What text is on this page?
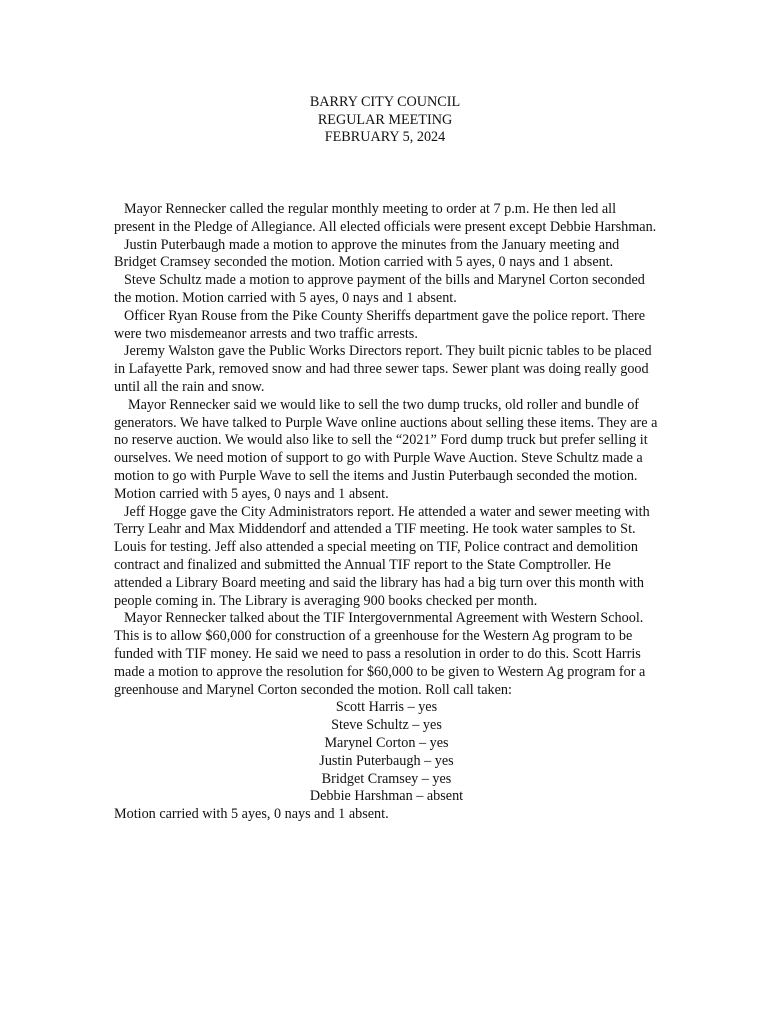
BARRY CITY COUNCIL
REGULAR MEETING
FEBRUARY 5, 2024

Mayor Rennecker called the regular monthly meeting to order at 7 p.m. He then led all present in the Pledge of Allegiance. All elected officials were present except Debbie Harshman.

Justin Puterbaugh made a motion to approve the minutes from the January meeting and Bridget Cramsey seconded the motion. Motion carried with 5 ayes, 0 nays and 1 absent.

Steve Schultz made a motion to approve payment of the bills and Marynel Corton seconded the motion. Motion carried with 5 ayes, 0 nays and 1 absent.

Officer Ryan Rouse from the Pike County Sheriffs department gave the police report. There were two misdemeanor arrests and two traffic arrests.

Jeremy Walston gave the Public Works Directors report. They built picnic tables to be placed in Lafayette Park, removed snow and had three sewer taps. Sewer plant was doing really good until all the rain and snow.

Mayor Rennecker said we would like to sell the two dump trucks, old roller and bundle of generators. We have talked to Purple Wave online auctions about selling these items. They are a no reserve auction. We would also like to sell the “2021” Ford dump truck but prefer selling it ourselves. We need motion of support to go with Purple Wave Auction. Steve Schultz made a motion to go with Purple Wave to sell the items and Justin Puterbaugh seconded the motion. Motion carried with 5 ayes, 0 nays and 1 absent.

Jeff Hogge gave the City Administrators report. He attended a water and sewer meeting with Terry Leahr and Max Middendorf and attended a TIF meeting. He took water samples to St. Louis for testing. Jeff also attended a special meeting on TIF, Police contract and demolition contract and finalized and submitted the Annual TIF report to the State Comptroller. He attended a Library Board meeting and said the library has had a big turn over this month with people coming in. The Library is averaging 900 books checked per month.

Mayor Rennecker talked about the TIF Intergovernmental Agreement with Western School. This is to allow $60,000 for construction of a greenhouse for the Western Ag program to be funded with TIF money. He said we need to pass a resolution in order to do this. Scott Harris made a motion to approve the resolution for $60,000 to be given to Western Ag program for a greenhouse and Marynel Corton seconded the motion. Roll call taken:

Scott Harris – yes
Steve Schultz – yes
Marynel Corton – yes
Justin Puterbaugh – yes
Bridget Cramsey – yes
Debbie Harshman – absent

Motion carried with 5 ayes, 0 nays and 1 absent.
